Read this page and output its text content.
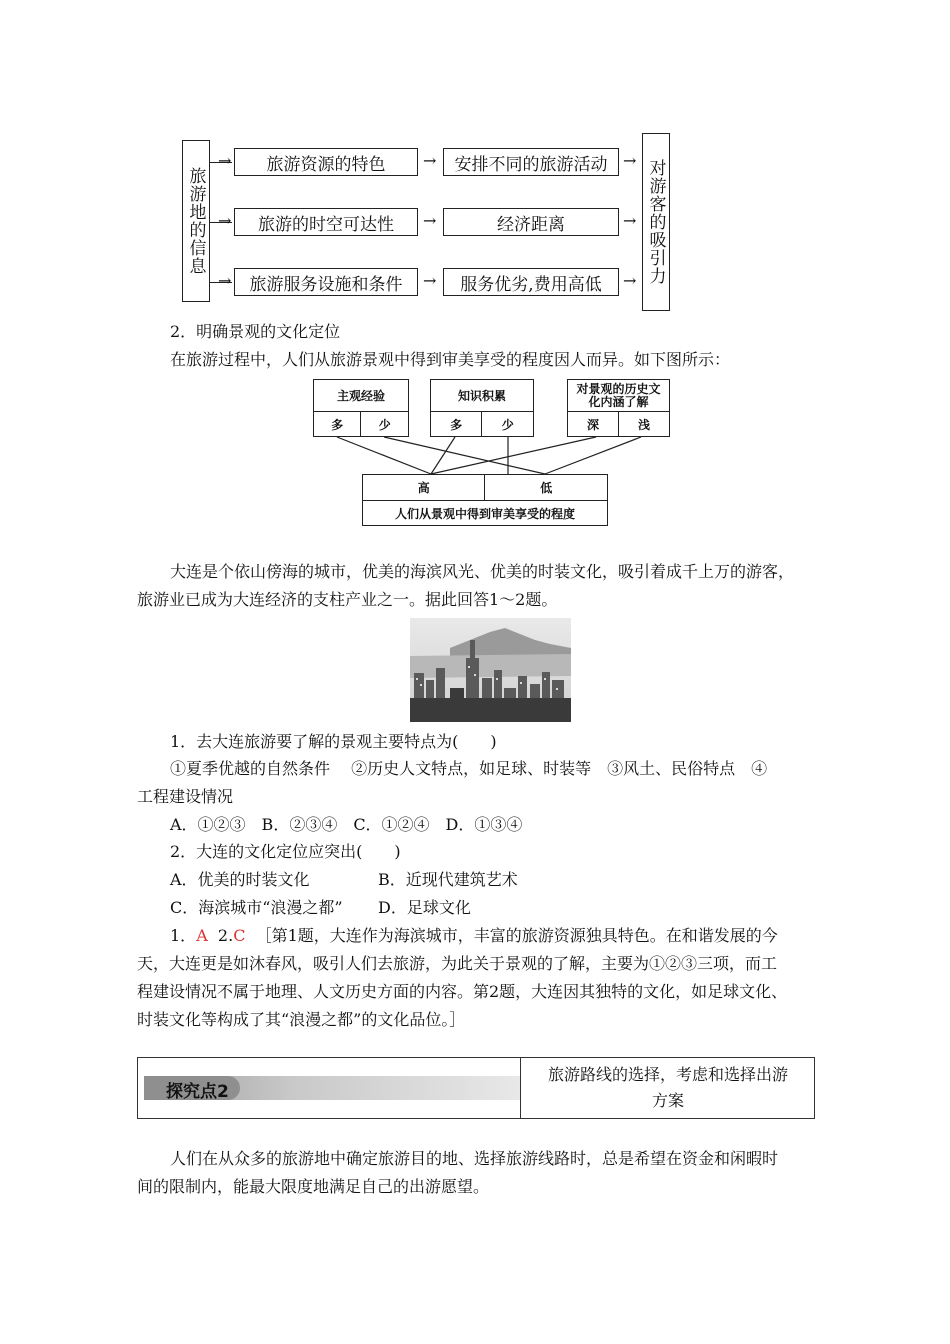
旅游地的信息
→ 旅游资源的特色 → 安排不同的旅游活动 →
→ 旅游的时空可达性 →	经济距离	→
→ 旅游服务设施和条件 → 服务优劣,费用高低 → 对游客的吸引力
2．明确景观的文化定位
在旅游过程中，人们从旅游景观中得到审美享受的程度因人而异。如下图所示：
主观经验
多	少
知识积累
多	少
对景观的历史文化内涵了解
深	浅
高	低
人们从景观中得到审美享受的程度
大连是个依山傍海的城市，优美的海滨风光、优美的时装文化，吸引着成千上万的游客，
旅游业已成为大连经济的支柱产业之一。据此回答1～2题。
1．去大连旅游要了解的景观主要特点为(　　)
①夏季优越的自然条件　 ②历史人文特点，如足球、时装等　③风土、民俗特点　④
工程建设情况
A．①②③　B．②③④　C．①②④　D．①③④
2．大连的文化定位应突出(　　)
A．优美的时装文化	B．近现代建筑艺术
C．海滨城市“浪漫之都” D．足球文化
1．A 2.C ［第1题，大连作为海滨城市，丰富的旅游资源独具特色。在和谐发展的今
天，大连更是如沐春风，吸引人们去旅游，为此关于景观的了解，主要为①②③三项，而工
程建设情况不属于地理、人文历史方面的内容。第2题，大连因其独特的文化，如足球文化、
时装文化等构成了其“浪漫之都”的文化品位。］
探究点2
旅游路线的选择，考虑和选择出游
方案
人们在从众多的旅游地中确定旅游目的地、选择旅游线路时，总是希望在资金和闲暇时
间的限制内，能最大限度地满足自己的出游愿望。
